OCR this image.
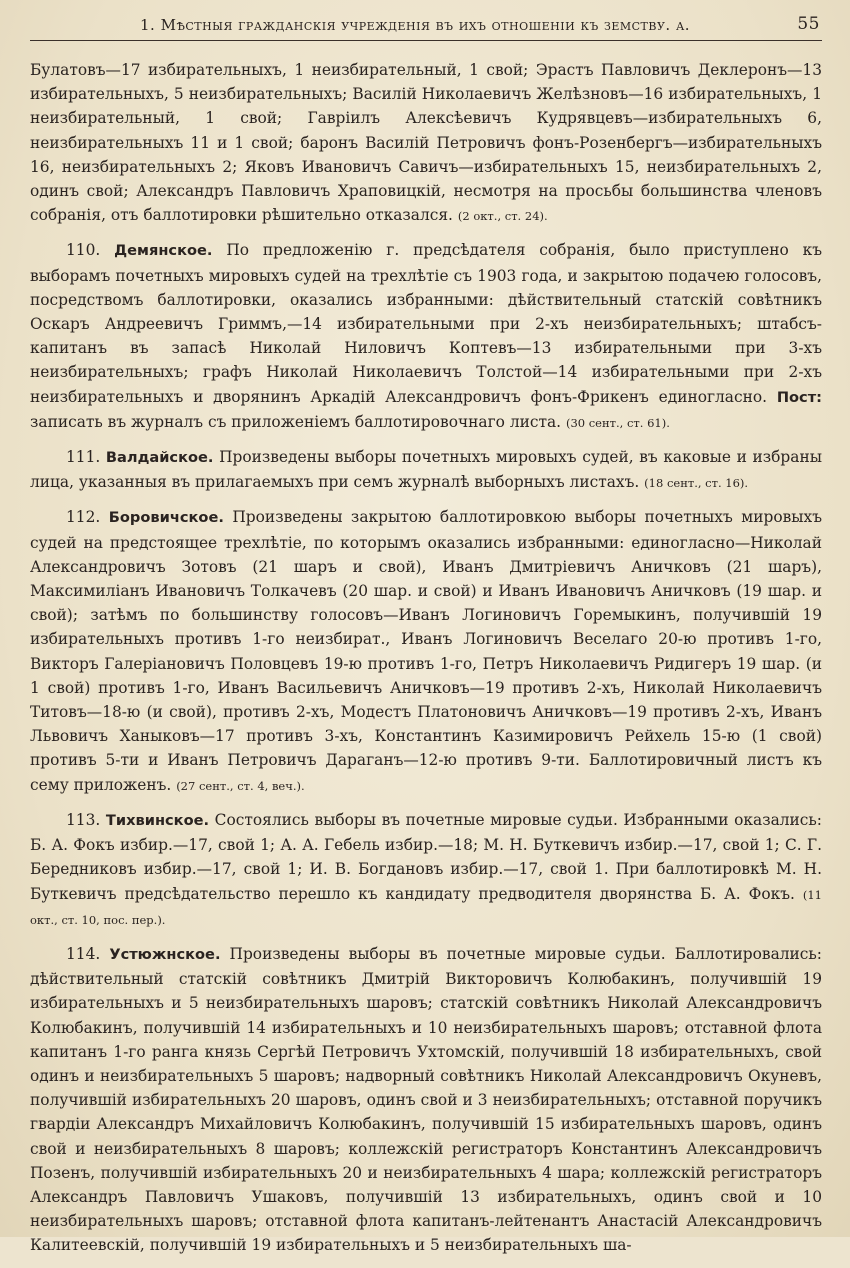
1. Мѣстныя гражданскія учрежденія въ ихъ отношеніи къ земству. а.	55

Булатовъ—17 избирательныхъ, 1 неизбирательный, 1 свой; Эрастъ Павловичъ Деклеронъ—13 избирательныхъ, 5 неизбирательныхъ; Василій Николаевичъ Желѣзновъ—16 избирательныхъ, 1 неизбирательный, 1 свой; Гавріилъ Алексѣевичъ Кудрявцевъ—избирательныхъ 6, неизбирательныхъ 11 и 1 свой; баронъ Василій Петровичъ фонъ-Розенбергъ—избирательныхъ 16, неизбирательныхъ 2; Яковъ Ивановичъ Савичъ—избирательныхъ 15, неизбирательныхъ 2, одинъ свой; Александръ Павловичъ Храповицкій, несмотря на просьбы большинства членовъ собранія, отъ баллотировки рѣшительно отказался. (2 окт., ст. 24).

110. Демянское. По предложенію г. предсѣдателя собранія, было приступлено къ выборамъ почетныхъ мировыхъ судей на трехлѣтіе съ 1903 года, и закрытою подачею голосовъ, посредствомъ баллотировки, оказались избранными: дѣйствительный статскій совѣтникъ Оскаръ Андреевичъ Гриммъ,—14 избирательными при 2-хъ неизбирательныхъ; штабсъ-капитанъ въ запасѣ Николай Ниловичъ Коптевъ—13 избирательными при 3-хъ неизбирательныхъ; графъ Николай Николаевичъ Толстой—14 избирательными при 2-хъ неизбирательныхъ и дворянинъ Аркадій Александровичъ фонъ-Фрикенъ единогласно. Пост: записать въ журналъ съ приложеніемъ баллотировочнаго листа. (30 сент., ст. 61).

111. Валдайское. Произведены выборы почетныхъ мировыхъ судей, въ каковые и избраны лица, указанныя въ прилагаемыхъ при семъ журналѣ выборныхъ листахъ. (18 сент., ст. 16).

112. Боровичское. Произведены закрытою баллотировкою выборы почетныхъ мировыхъ судей на предстоящее трехлѣтіе, по которымъ оказались избранными: единогласно—Николай Александровичъ Зотовъ (21 шаръ и свой), Иванъ Дмитріевичъ Аничковъ (21 шаръ), Максимиліанъ Ивановичъ Толкачевъ (20 шар. и свой) и Иванъ Ивановичъ Аничковъ (19 шар. и свой); затѣмъ по большинству голосовъ—Иванъ Логиновичъ Горемыкинъ, получившій 19 избирательныхъ противъ 1-го неизбират., Иванъ Логиновичъ Веселаго 20-ю противъ 1-го, Викторъ Галеріановичъ Половцевъ 19-ю противъ 1-го, Петръ Николаевичъ Ридигеръ 19 шар. (и 1 свой) противъ 1-го, Иванъ Васильевичъ Аничковъ—19 противъ 2-хъ, Николай Николаевичъ Титовъ—18-ю (и свой), противъ 2-хъ, Модестъ Платоновичъ Аничковъ—19 противъ 2-хъ, Иванъ Львовичъ Ханыковъ—17 противъ 3-хъ, Константинъ Казимировичъ Рейхель 15-ю (1 свой) противъ 5-ти и Иванъ Петровичъ Дараганъ—12-ю противъ 9-ти. Баллотировичный листъ къ сему приложенъ. (27 сент., ст. 4, веч.).

113. Тихвинское. Состоялись выборы въ почетные мировые судьи. Избранными оказались: Б. А. Фокъ избир.—17, свой 1; А. А. Гебель избир.—18; М. Н. Буткевичъ избир.—17, свой 1; С. Г. Бередниковъ избир.—17, свой 1; И. В. Богдановъ избир.—17, свой 1. При баллотировкѣ М. Н. Буткевичъ предсѣдательство перешло къ кандидату предводителя дворянства Б. А. Фокъ. (11 окт., ст. 10, пос. пер.).

114. Устюжнское. Произведены выборы въ почетные мировые судьи. Баллотировались: дѣйствительный статскій совѣтникъ Дмитрій Викторовичъ Колюбакинъ, получившій 19 избирательныхъ и 5 неизбирательныхъ шаровъ; статскій совѣтникъ Николай Александровичъ Колюбакинъ, получившій 14 избирательныхъ и 10 неизбирательныхъ шаровъ; отставной флота капитанъ 1-го ранга князь Сергѣй Петровичъ Ухтомскій, получившій 18 избирательныхъ, свой одинъ и неизбирательныхъ 5 шаровъ; надворный совѣтникъ Николай Александровичъ Окуневъ, получившій избирательныхъ 20 шаровъ, одинъ свой и 3 неизбирательныхъ; отставной поручикъ гвардіи Александръ Михайловичъ Колюбакинъ, получившій 15 избирательныхъ шаровъ, одинъ свой и неизбирательныхъ 8 шаровъ; коллежскій регистраторъ Константинъ Александровичъ Позенъ, получившій избирательныхъ 20 и неизбирательныхъ 4 шара; коллежскій регистраторъ Александръ Павловичъ Ушаковъ, получившій 13 избирательныхъ, одинъ свой и 10 неизбирательныхъ шаровъ; отставной флота капитанъ-лейтенантъ Анастасій Александровичъ Калитеевскій, получившій 19 избирательныхъ и 5 неизбирательныхъ ша-
